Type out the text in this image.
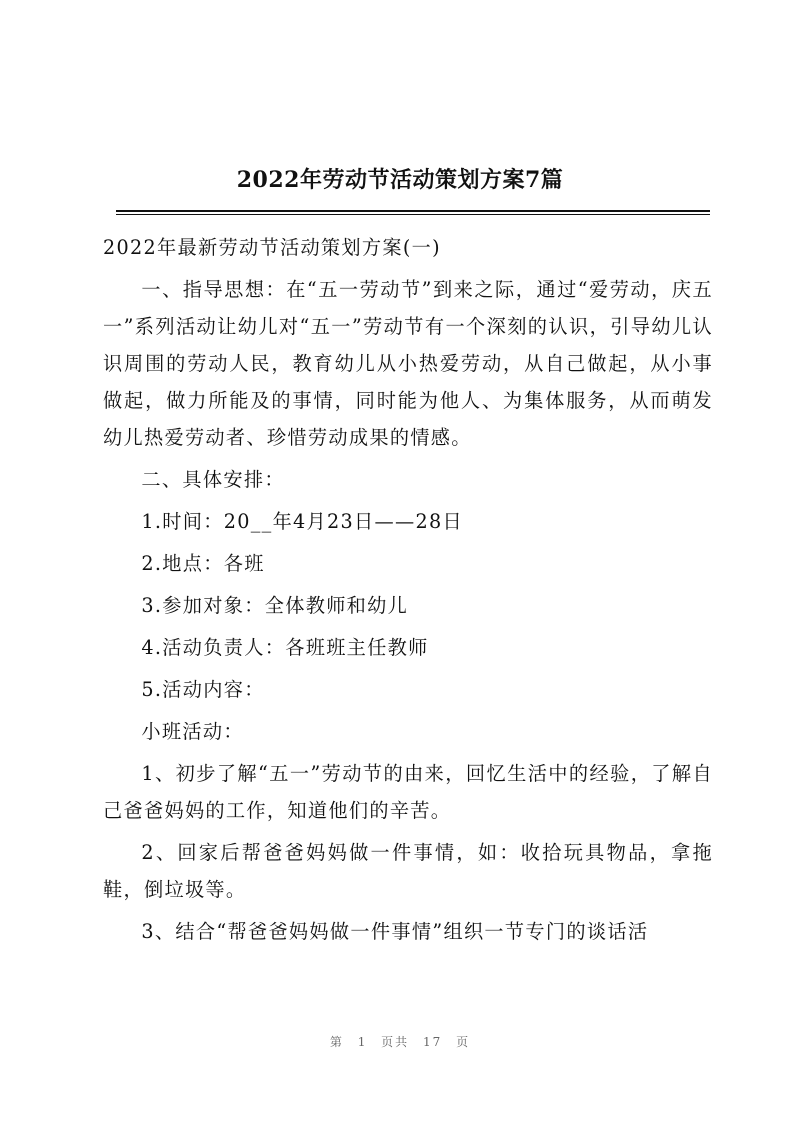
2022年劳动节活动策划方案7篇

2022年最新劳动节活动策划方案(一)

一、指导思想：在“五一劳动节”到来之际，通过“爱劳动，庆五一”系列活动让幼儿对“五一”劳动节有一个深刻的认识，引导幼儿认识周围的劳动人民，教育幼儿从小热爱劳动，从自己做起，从小事做起，做力所能及的事情，同时能为他人、为集体服务，从而萌发幼儿热爱劳动者、珍惜劳动成果的情感。

二、具体安排：

1.时间：20__年4月23日——28日

2.地点：各班

3.参加对象：全体教师和幼儿

4.活动负责人：各班班主任教师

5.活动内容：

小班活动：

1、初步了解“五一”劳动节的由来，回忆生活中的经验，了解自己爸爸妈妈的工作，知道他们的辛苦。

2、回家后帮爸爸妈妈做一件事情，如：收拾玩具物品，拿拖鞋，倒垃圾等。

3、结合“帮爸爸妈妈做一件事情”组织一节专门的谈话活

第 1 页共 17 页
